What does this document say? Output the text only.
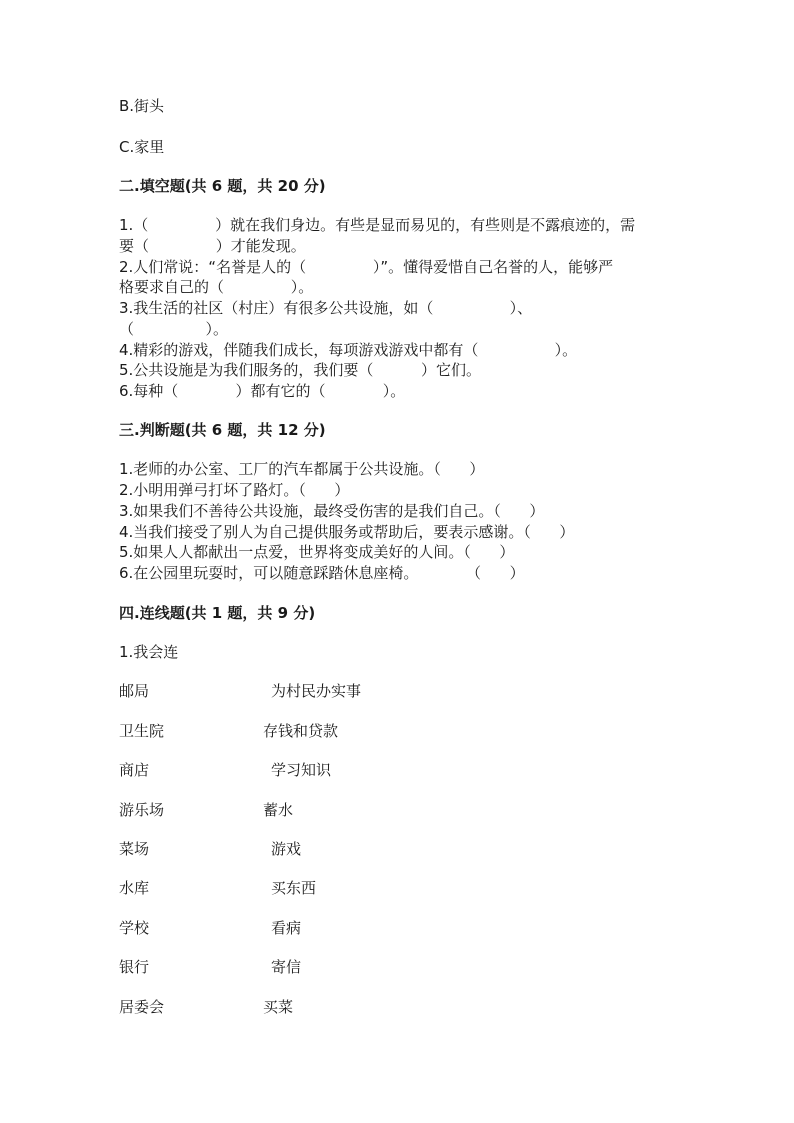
B.街头
C.家里
二.填空题(共 6 题，共 20 分)
1.（              ）就在我们身边。有些是显而易见的，有些则是不露痕迹的，需
要（              ）才能发现。
2.人们常说：“名誉是人的（              ）”。懂得爱惜自己名誉的人，能够严
格要求自己的（              ）。
3.我生活的社区（村庄）有很多公共设施，如（                ）、
（               ）。
4.精彩的游戏，伴随我们成长，每项游戏游戏中都有（                ）。
5.公共设施是为我们服务的，我们要（          ）它们。
6.每种（            ）都有它的（            ）。
三.判断题(共 6 题，共 12 分)
1.老师的办公室、工厂的汽车都属于公共设施。（      ）
2.小明用弹弓打坏了路灯。（      ）
3.如果我们不善待公共设施，最终受伤害的是我们自己。（      ）
4.当我们接受了别人为自己提供服务或帮助后，要表示感谢。（      ）
5.如果人人都献出一点爱，世界将变成美好的人间。（      ）
6.在公园里玩耍时，可以随意踩踏休息座椅。          （      ）
四.连线题(共 1 题，共 9 分)
1.我会连
邮局	为村民办实事
卫生院	存钱和贷款
商店	学习知识
游乐场	蓄水
菜场	游戏
水库	买东西
学校	看病
银行	寄信
居委会	买菜
